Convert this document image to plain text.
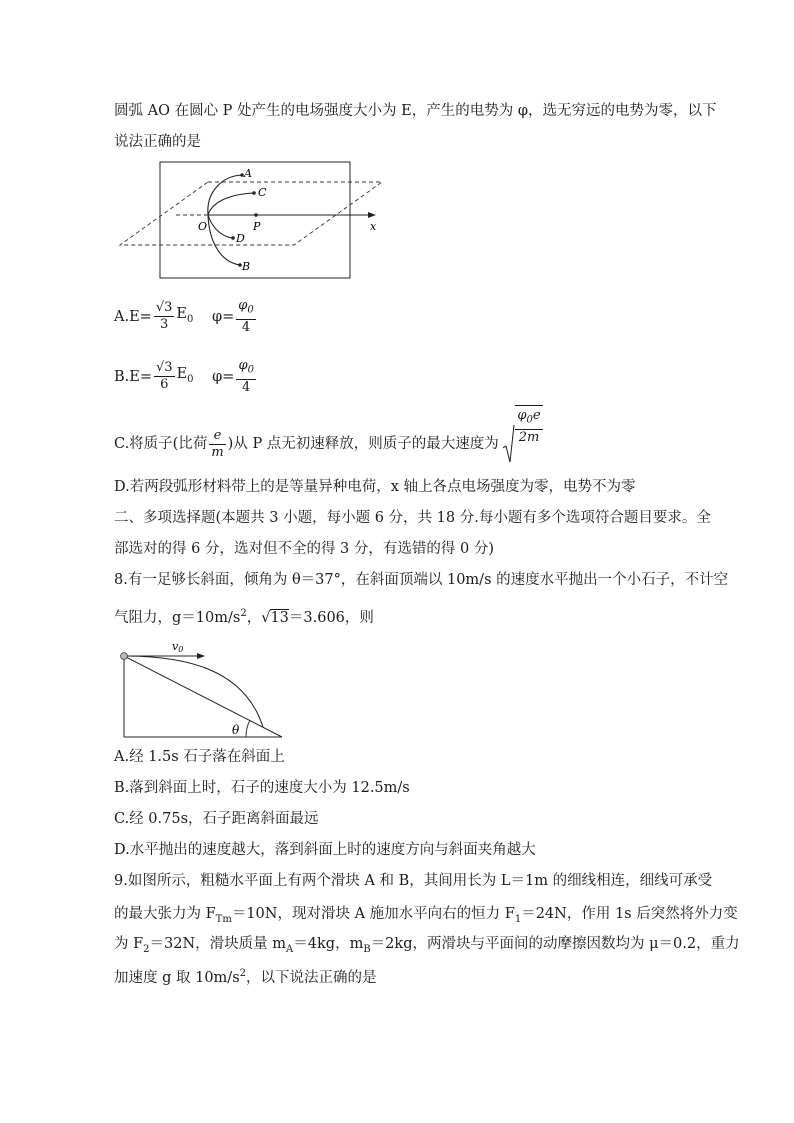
圆弧 AO 在圆心 P 处产生的电场强度大小为 E，产生的电势为 φ，选无穷远的电势为零，以下
说法正确的是
A
C
O	P
D
B
x
$A.E= \frac{√3}{3} E_0$ $\varphi= \frac{\varphi_0}{4}$
$B.E= \frac{√3}{6} E_0$ $\varphi= \frac{\varphi_0}{4}$
C.将质子(比荷 $\frac{e}{m}$ )从 P 点无初速释放，则质子的最大速度为 $\frac{\varphi_0e}{2m}$
D.若两段弧形材料带上的是等量异种电荷，x 轴上各点电场强度为零，电势不为零
二、多项选择题(本题共 3 小题，每小题 6 分，共 18 分.每小题有多个选项符合题目要求。全
部选对的得 6 分，选对但不全的得 3 分，有选错的得 0 分)
8.有一足够长斜面，倾角为 θ＝37°，在斜面顶端以 10m/s 的速度水平抛出一个小石子，不计空
气阻力，$g=10m/s^2$，√13＝3.606，则
v0
θ
A.经 1.5s 石子落在斜面上
B.落到斜面上时，石子的速度大小为 12.5m/s
C.经 0.75s，石子距离斜面最远
D.水平抛出的速度越大，落到斜面上时的速度方向与斜面夹角越大
9.如图所示，粗糙水平面上有两个滑块 A 和 B，其间用长为 L＝1m 的细线相连，细线可承受
的最大张力为 $F_{Tm}=10N$，现对滑块 A 施加水平向右的恒力 $F_1=24N$，作用 1s 后突然将外力变
为 $F_2=32N$，滑块质量 $m_A=4kg$，$m_B=2kg$，两滑块与平面间的动摩擦因数均为 μ＝0.2，重力
加速度 g 取 $10m/s^2$，以下说法正确的是
